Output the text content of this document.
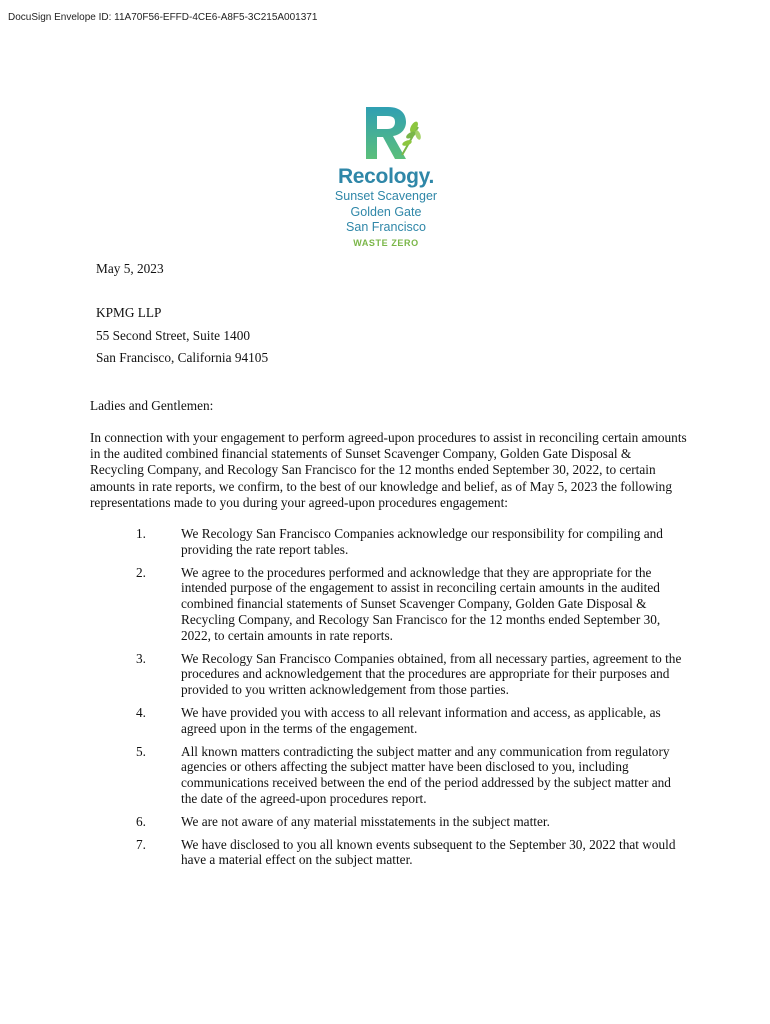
DocuSign Envelope ID: 11A70F56-EFFD-4CE6-A8F5-3C215A001371
Recology.
Sunset Scavenger
Golden Gate
San Francisco
WASTE ZERO
May 5, 2023
KPMG LLP
55 Second Street, Suite 1400
San Francisco, California 94105
Ladies and Gentlemen:
In connection with your engagement to perform agreed-upon procedures to assist in reconciling certain amounts in the audited combined financial statements of Sunset Scavenger Company, Golden Gate Disposal & Recycling Company, and Recology San Francisco for the 12 months ended September 30, 2022, to certain amounts in rate reports, we confirm, to the best of our knowledge and belief, as of May 5, 2023 the following representations made to you during your agreed-upon procedures engagement:
1.	We Recology San Francisco Companies acknowledge our responsibility for compiling and providing the rate report tables.
2.	We agree to the procedures performed and acknowledge that they are appropriate for the intended purpose of the engagement to assist in reconciling certain amounts in the audited combined financial statements of Sunset Scavenger Company, Golden Gate Disposal & Recycling Company, and Recology San Francisco for the 12 months ended September 30, 2022, to certain amounts in rate reports.
3.	We Recology San Francisco Companies obtained, from all necessary parties, agreement to the procedures and acknowledgement that the procedures are appropriate for their purposes and provided to you written acknowledgement from those parties.
4.	We have provided you with access to all relevant information and access, as applicable, as agreed upon in the terms of the engagement.
5.	All known matters contradicting the subject matter and any communication from regulatory agencies or others affecting the subject matter have been disclosed to you, including communications received between the end of the period addressed by the subject matter and the date of the agreed-upon procedures report.
6.	We are not aware of any material misstatements in the subject matter.
7.	We have disclosed to you all known events subsequent to the September 30, 2022 that would have a material effect on the subject matter.
